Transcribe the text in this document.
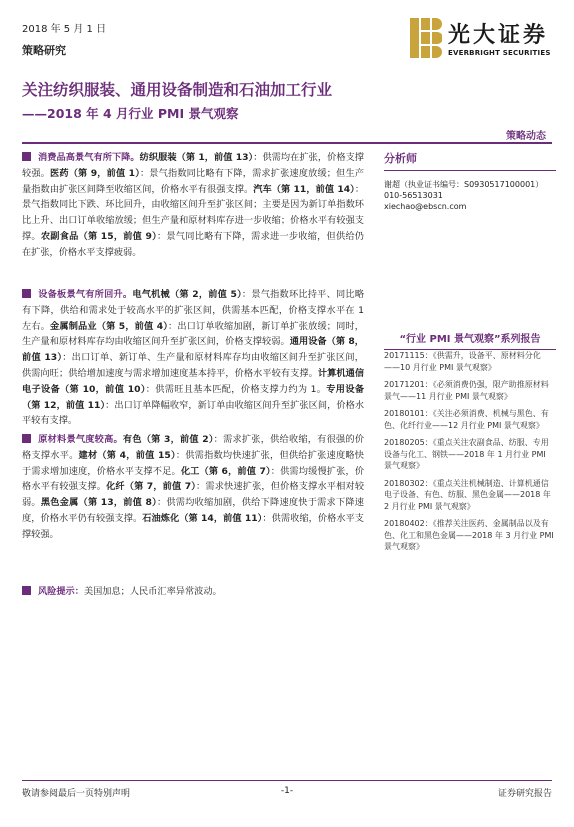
2018 年 5 月 1 日
策略研究
光大证券
EVERBRIGHT SECURITIES
关注纺织服装、通用设备制造和石油加工行业
——2018 年 4 月行业 PMI 景气观察
策略动态
消费品高景气有所下降。纺织服装（第 1，前值 13）：供需均在扩张，价格支撑较强。医药（第 9，前值 1）：景气指数同比略有下降，需求扩张速度放缓；但生产量指数由扩张区间降至收缩区间，价格水平有很强支撑。汽车（第 11，前值 14）：景气指数同比下跌、环比回升，由收缩区间升至扩张区间；主要是因为新订单指数环比上升、出口订单收缩放缓；但生产量和原材料库存进一步收缩；价格水平有较强支撑。农副食品（第 15，前值 9）：景气同比略有下降，需求进一步收缩，但供给仍在扩张，价格水平支撑疲弱。
设备板景气有所回升。电气机械（第 2，前值 5）：景气指数环比持平、同比略有下降，供给和需求处于较高水平的扩张区间，供需基本匹配，价格支撑水平在 1 左右。金属制品业（第 5，前值 4）：出口订单收缩加剧，新订单扩张放缓；同时，生产量和原材料库存均由收缩区间升至扩张区间，价格支撑较弱。通用设备（第 8，前值 13）：出口订单、新订单、生产量和原材料库存均由收缩区间升至扩张区间，供需向旺；供给增加速度与需求增加速度基本持平，价格水平较有支撑。计算机通信电子设备（第 10，前值 10）：供需旺且基本匹配，价格支撑力约为 1。专用设备（第 12，前值 11）：出口订单降幅收窄，新订单由收缩区间升至扩张区间，价格水平较有支撑。
原材料景气度较高。有色（第 3，前值 2）：需求扩张，供给收缩，有很强的价格支撑水平。建材（第 4，前值 15）：供需指数均快速扩张，但供给扩张速度略快于需求增加速度，价格水平支撑不足。化工（第 6，前值 7）：供需均缓慢扩张，价格水平有较强支撑。化纤（第 7，前值 7）：需求快速扩张，但价格支撑水平相对较弱。黑色金属（第 13，前值 8）：供需均收缩加剧，供给下降速度快于需求下降速度，价格水平仍有较强支撑。石油炼化（第 14，前值 11）：供需收缩，价格水平支撑较强。
风险提示：美国加息；人民币汇率异常波动。
分析师
谢超（执业证书编号：S0930517100001）
010-56513031
xiechao@ebscn.com
“行业 PMI 景气观察”系列报告
20171115：《供需升，设备平、原材料分化——10 月行业 PMI 景气观察》
20171201：《必须消费仍强，限产助推原材料景气——11 月行业 PMI 景气观察》
20180101：《关注必须消费、机械与黑色、有色、化纤行业——12 月行业 PMI 景气观察》
20180205：《重点关注农副食品、纺服、专用设备与化工、钢铁——2018 年 1 月行业 PMI 景气观察》
20180302：《重点关注机械制造、计算机通信电子设备、有色、纺服、黑色金属——2018 年 2 月行业 PMI 景气观察》
20180402：《推荐关注医药、金属制品以及有色、化工和黑色金属——2018 年 3 月行业 PMI 景气观察》
敬请参阅最后一页特别声明	-1-	证券研究报告
